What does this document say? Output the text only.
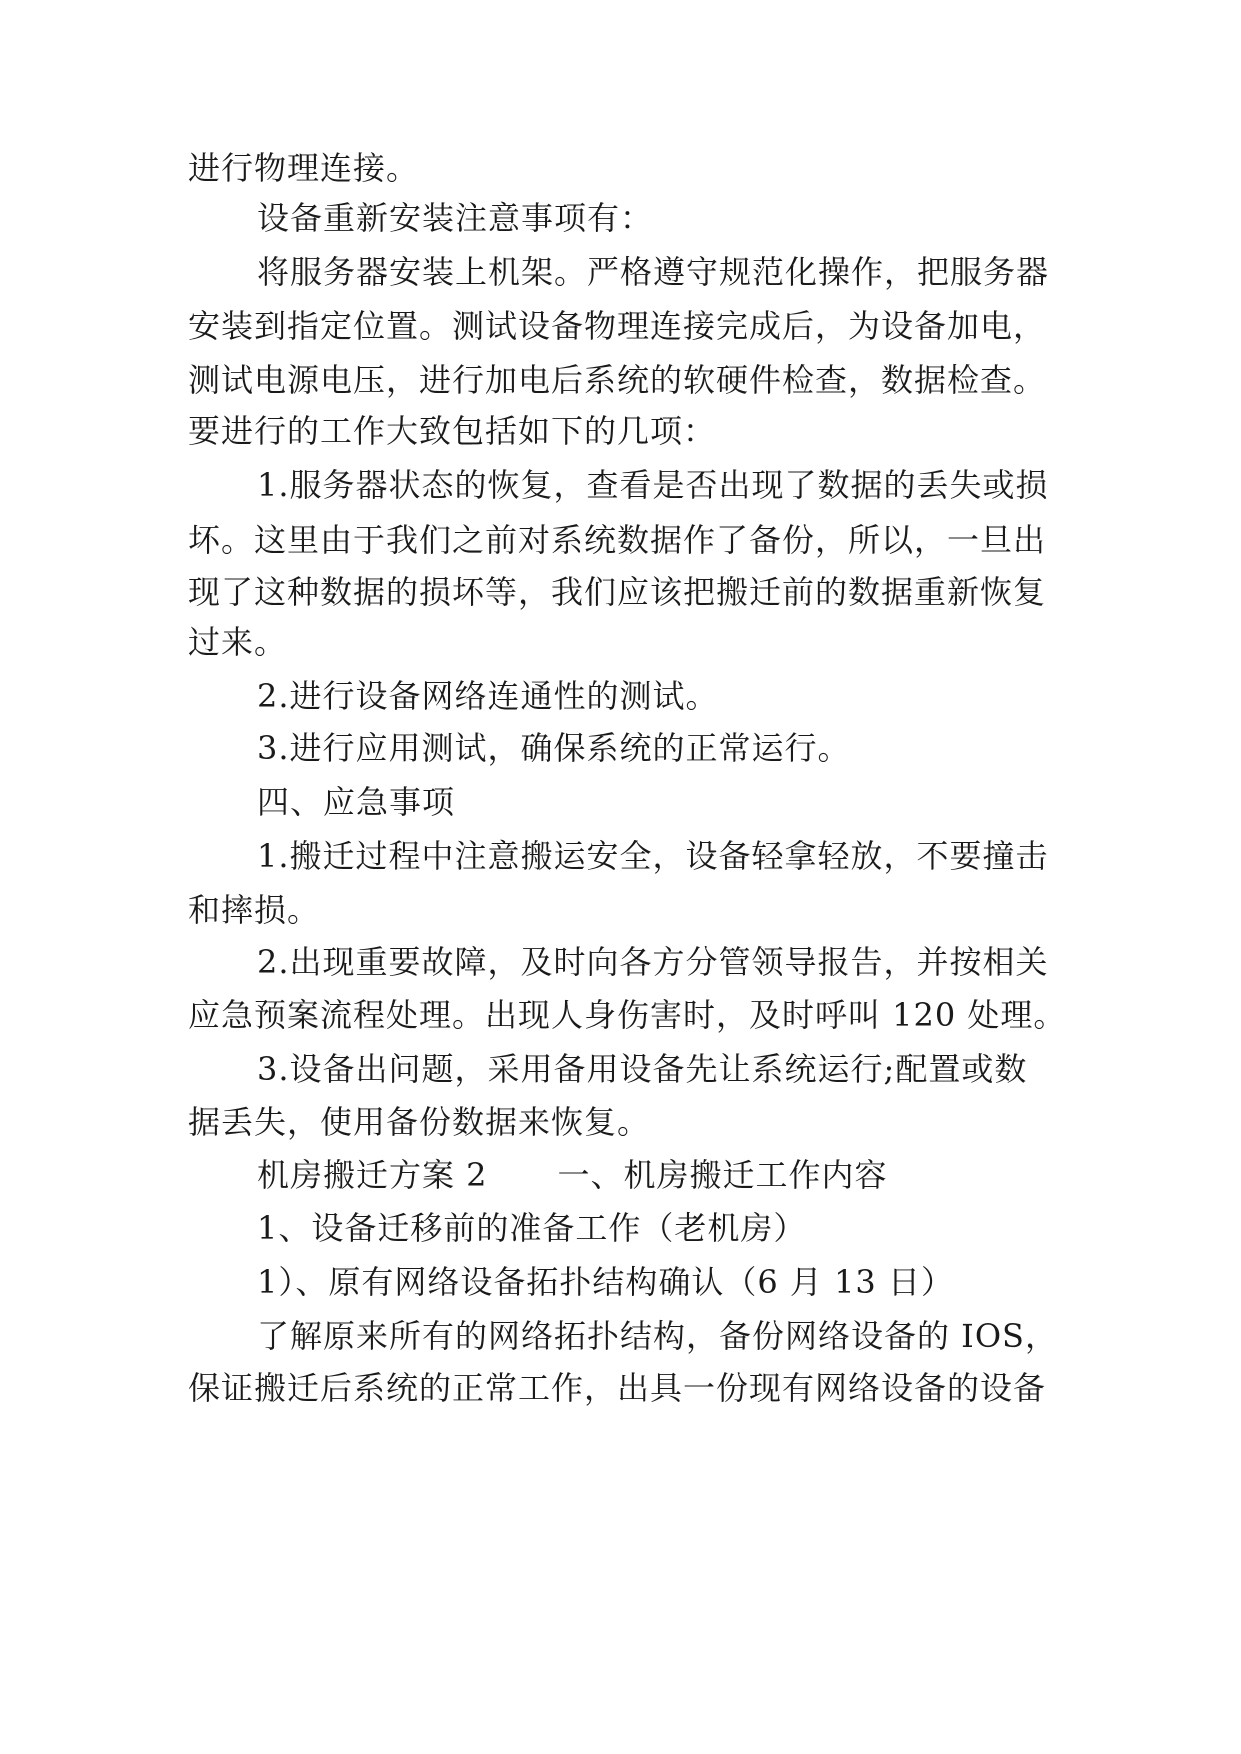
进行物理连接。
设备重新安装注意事项有：
将服务器安装上机架。严格遵守规范化操作，把服务器
安装到指定位置。测试设备物理连接完成后，为设备加电，
测试电源电压，进行加电后系统的软硬件检查，数据检查。
要进行的工作大致包括如下的几项：
1.服务器状态的恢复，查看是否出现了数据的丢失或损
坏。这里由于我们之前对系统数据作了备份，所以，一旦出
现了这种数据的损坏等，我们应该把搬迁前的数据重新恢复
过来。
2.进行设备网络连通性的测试。
3.进行应用测试，确保系统的正常运行。
四、应急事项
1.搬迁过程中注意搬运安全，设备轻拿轻放，不要撞击
和摔损。
2.出现重要故障，及时向各方分管领导报告，并按相关
应急预案流程处理。出现人身伤害时，及时呼叫 120 处理。
3.设备出问题，采用备用设备先让系统运行;配置或数
据丢失，使用备份数据来恢复。
机房搬迁方案 2 一、机房搬迁工作内容
1、设备迁移前的准备工作（老机房）
1）、原有网络设备拓扑结构确认（6 月 13 日）
了解原来所有的网络拓扑结构，备份网络设备的 IOS，
保证搬迁后系统的正常工作，出具一份现有网络设备的设备
